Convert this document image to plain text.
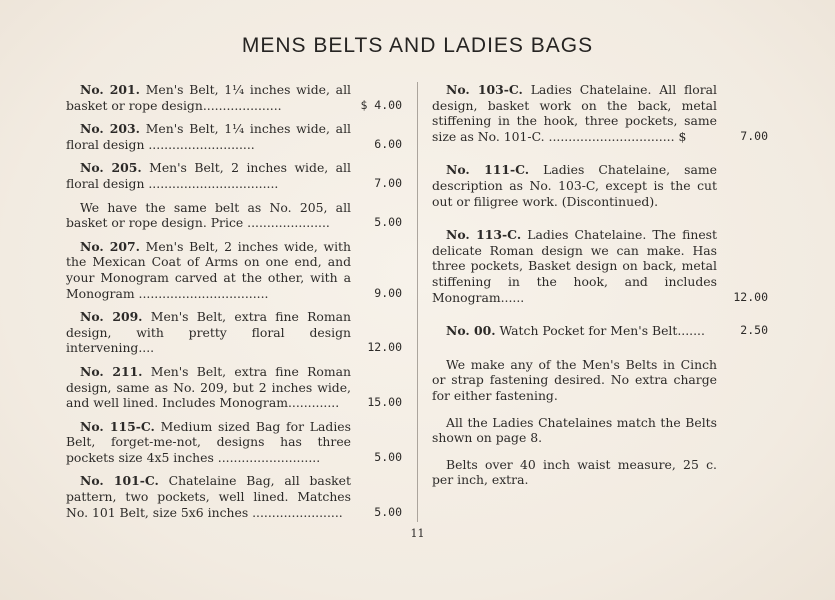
MENS BELTS AND LADIES BAGS
No. 201. Men's Belt, 1¼ inches wide, all basket or rope design....................	$ 4.00
No. 203. Men's Belt, 1¼ inches wide, all floral design ...........................	6.00
No. 205. Men's Belt, 2 inches wide, all floral design .................................	7.00
We have the same belt as No. 205, all basket or rope design. Price .....................	5.00
No. 207. Men's Belt, 2 inches wide, with the Mexican Coat of Arms on one end, and your Monogram carved at the other, with a Monogram .................................	9.00
No. 209. Men's Belt, extra fine Roman design, with pretty floral design intervening....	12.00
No. 211. Men's Belt, extra fine Roman design, same as No. 209, but 2 inches wide, and well lined. Includes Monogram.............	15.00
No. 115-C. Medium sized Bag for Ladies Belt, forget-me-not, designs has three pockets size 4x5 inches ..........................	5.00
No. 101-C. Chatelaine Bag, all basket pattern, two pockets, well lined. Matches No. 101 Belt, size 5x6 inches .......................	5.00
No. 103-C. Ladies Chatelaine. All floral design, basket work on the back, metal stiffening in the hook, three pockets, same size as No. 101-C. ................................ $	7.00
No. 111-C. Ladies Chatelaine, same description as No. 103-C, except is the cut out or filigree work. (Discontinued).
No. 113-C. Ladies Chatelaine. The finest delicate Roman design we can make. Has three pockets, Basket design on back, metal stiffening in the hook, and includes Monogram......	12.00
No. 00. Watch Pocket for Men's Belt.......	2.50
We make any of the Men's Belts in Cinch or strap fastening desired. No extra charge for either fastening.
All the Ladies Chatelaines match the Belts shown on page 8.
Belts over 40 inch waist measure, 25 c. per inch, extra.
11
